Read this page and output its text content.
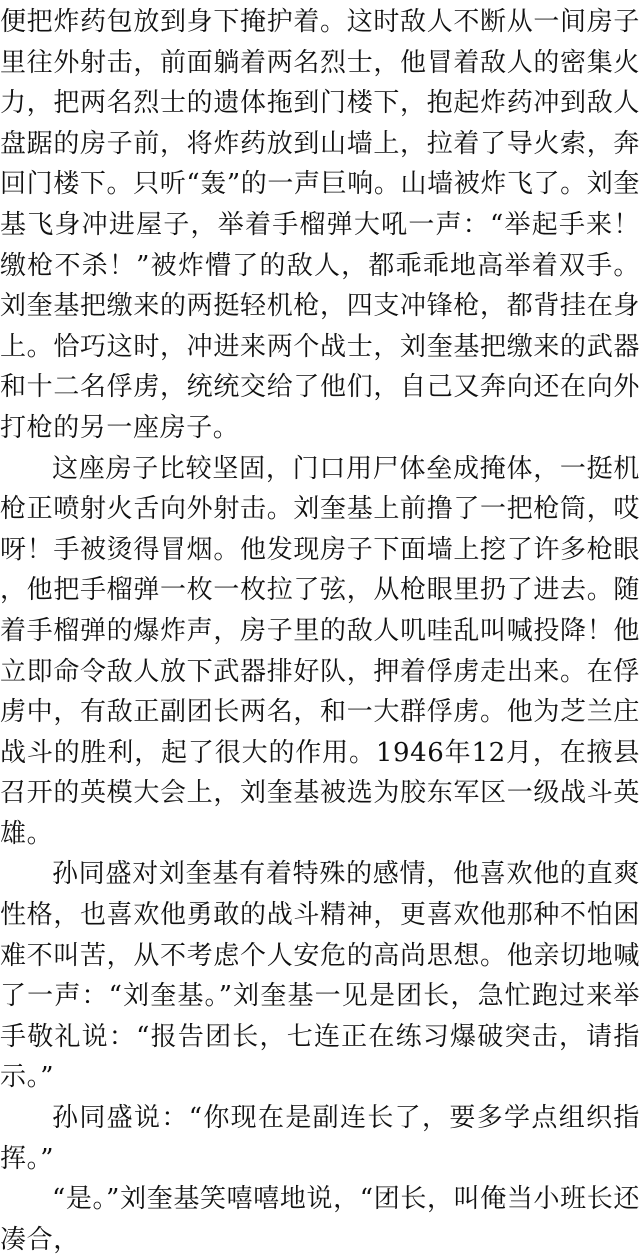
便把炸药包放到身下掩护着。这时敌人不断从一间房子里往外射击，前面躺着两名烈士，他冒着敌人的密集火力，把两名烈士的遗体拖到门楼下，抱起炸药冲到敌人盘踞的房子前，将炸药放到山墙上，拉着了导火索，奔回门楼下。只听“轰”的一声巨响。山墙被炸飞了。刘奎基飞身冲进屋子，举着手榴弹大吼一声：“举起手来！缴枪不杀！”被炸懵了的敌人，都乖乖地高举着双手。刘奎基把缴来的两挺轻机枪，四支冲锋枪，都背挂在身上。恰巧这时，冲进来两个战士，刘奎基把缴来的武器和十二名俘虏，统统交给了他们，自己又奔向还在向外打枪的另一座房子。

这座房子比较坚固，门口用尸体垒成掩体，一挺机枪正喷射火舌向外射击。刘奎基上前撸了一把枪筒，哎呀！手被烫得冒烟。他发现房子下面墙上挖了许多枪眼，他把手榴弹一枚一枚拉了弦，从枪眼里扔了进去。随着手榴弹的爆炸声，房子里的敌人叽哇乱叫喊投降！他立即命令敌人放下武器排好队，押着俘虏走出来。在俘虏中，有敌正副团长两名，和一大群俘虏。他为芝兰庄战斗的胜利，起了很大的作用。1946年12月，在掖县召开的英模大会上，刘奎基被选为胶东军区一级战斗英雄。

孙同盛对刘奎基有着特殊的感情，他喜欢他的直爽性格，也喜欢他勇敢的战斗精神，更喜欢他那种不怕困难不叫苦，从不考虑个人安危的高尚思想。他亲切地喊了一声：“刘奎基。”刘奎基一见是团长，急忙跑过来举手敬礼说：“报告团长，七连正在练习爆破突击，请指示。”

孙同盛说：“你现在是副连长了，要多学点组织指挥。”

“是。”刘奎基笑嘻嘻地说，“团长，叫俺当小班长还凑合，
